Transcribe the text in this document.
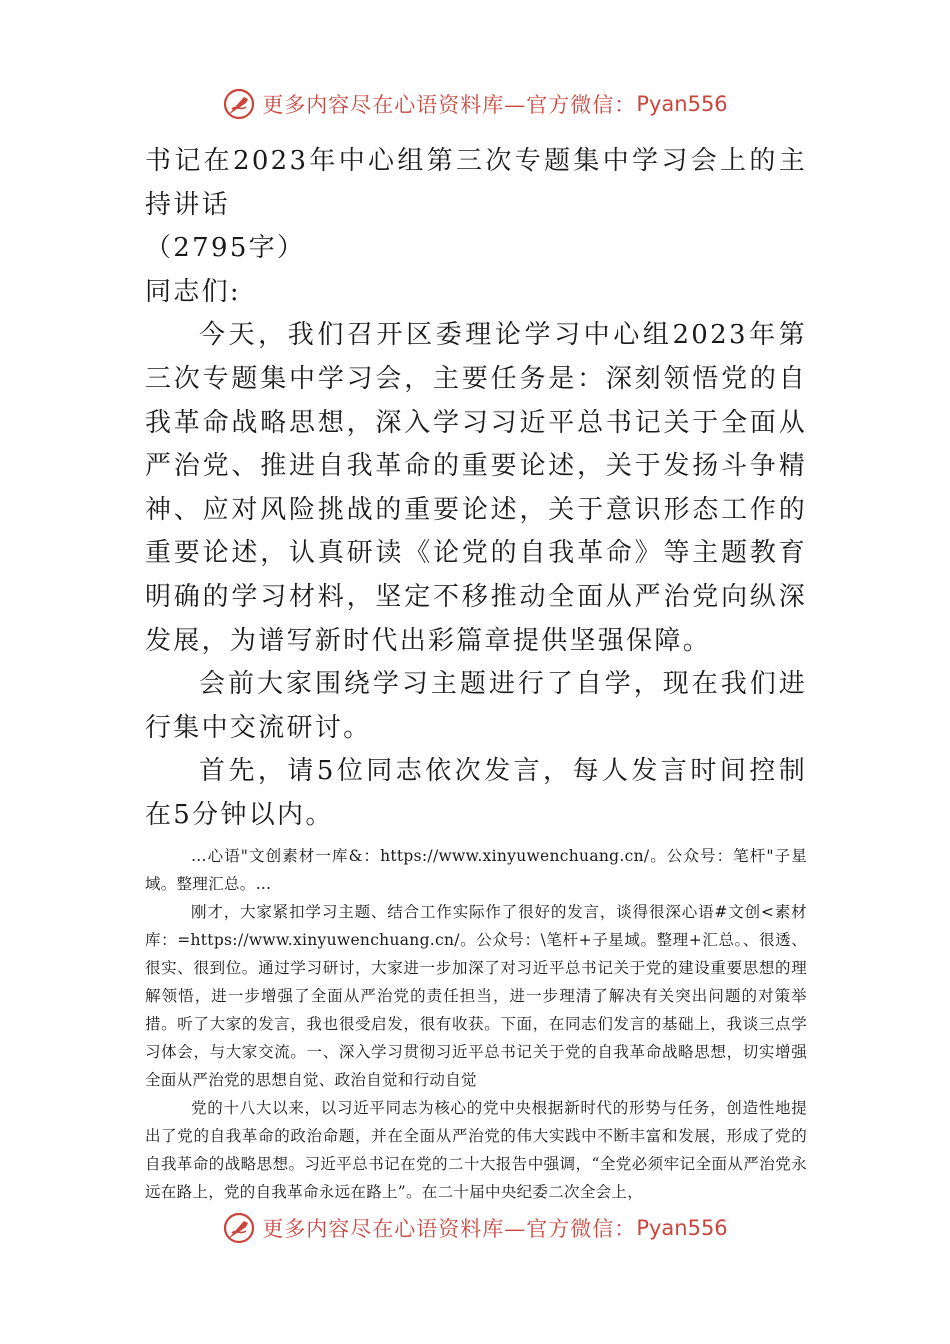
更多内容尽在心语资料库—官方微信： Pyan556

书记在2023年中心组第三次专题集中学习会上的主持讲话

（2795字）

同志们:

今天，我们召开区委理论学习中心组2023年第三次专题集中学习会，主要任务是：深刻领悟党的自我革命战略思想，深入学习习近平总书记关于全面从严治党、推进自我革命的重要论述，关于发扬斗争精神、应对风险挑战的重要论述，关于意识形态工作的重要论述，认真研读《论党的自我革命》等主题教育明确的学习材料，坚定不移推动全面从严治党向纵深发展，为谱写新时代出彩篇章提供坚强保障。

会前大家围绕学习主题进行了自学，现在我们进行集中交流研讨。

首先，请5位同志依次发言，每人发言时间控制在5分钟以内。

…心语"文创素材一库&：https://www.xinyuwenchuang.cn/。公众号：笔杆"子星域。整理汇总。…

刚才，大家紧扣学习主题、结合工作实际作了很好的发言，谈得很深心语#文创<素材库：=https://www.xinyuwenchuang.cn/。公众号：\笔杆+子星域。整理+汇总。、很透、很实、很到位。通过学习研讨，大家进一步加深了对习近平总书记关于党的建设重要思想的理解领悟，进一步增强了全面从严治党的责任担当，进一步理清了解决有关突出问题的对策举措。听了大家的发言，我也很受启发，很有收获。下面，在同志们发言的基础上，我谈三点学习体会，与大家交流。一、深入学习贯彻习近平总书记关于党的自我革命战略思想，切实增强全面从严治党的思想自觉、政治自觉和行动自觉

党的十八大以来，以习近平同志为核心的党中央根据新时代的形势与任务，创造性地提出了党的自我革命的政治命题，并在全面从严治党的伟大实践中不断丰富和发展，形成了党的自我革命的战略思想。习近平总书记在党的二十大报告中强调，“全党必须牢记全面从严治党永远在路上，党的自我革命永远在路上”。在二十届中央纪委二次全会上，

更多内容尽在心语资料库—官方微信： Pyan556
